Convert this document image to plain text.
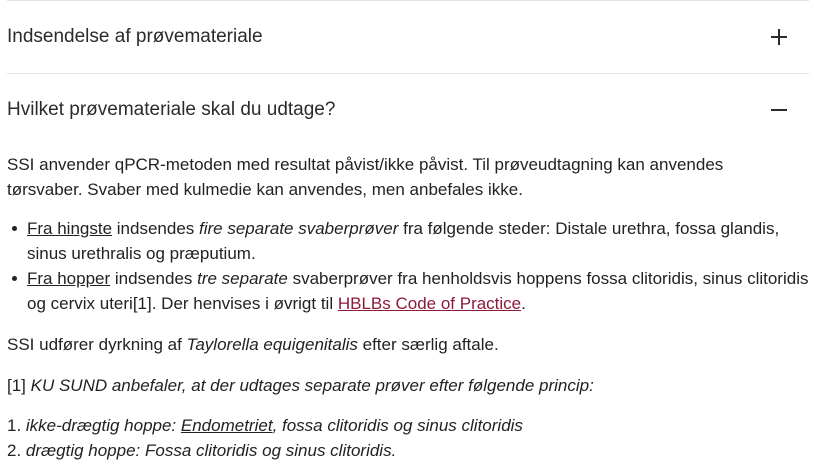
Indsendelse af prøvemateriale
Hvilket prøvemateriale skal du udtage?

SSI anvender qPCR-metoden med resultat påvist/ikke påvist. Til prøveudtagning kan anvendes tørsvaber. Svaber med kulmedie kan anvendes, men anbefales ikke.

Fra hingste indsendes fire separate svaberprøver fra følgende steder: Distale urethra, fossa glandis, sinus urethralis og præputium.
Fra hopper indsendes tre separate svaberprøver fra henholdsvis hoppens fossa clitoridis, sinus clitoridis og cervix uteri[1]. Der henvises i øvrigt til HBLBs Code of Practice.

SSI udfører dyrkning af Taylorella equigenitalis efter særlig aftale.

[1] KU SUND anbefaler, at der udtages separate prøver efter følgende princip:

1. ikke-drægtig hoppe: Endometriet, fossa clitoridis og sinus clitoridis
2. drægtig hoppe: Fossa clitoridis og sinus clitoridis.
